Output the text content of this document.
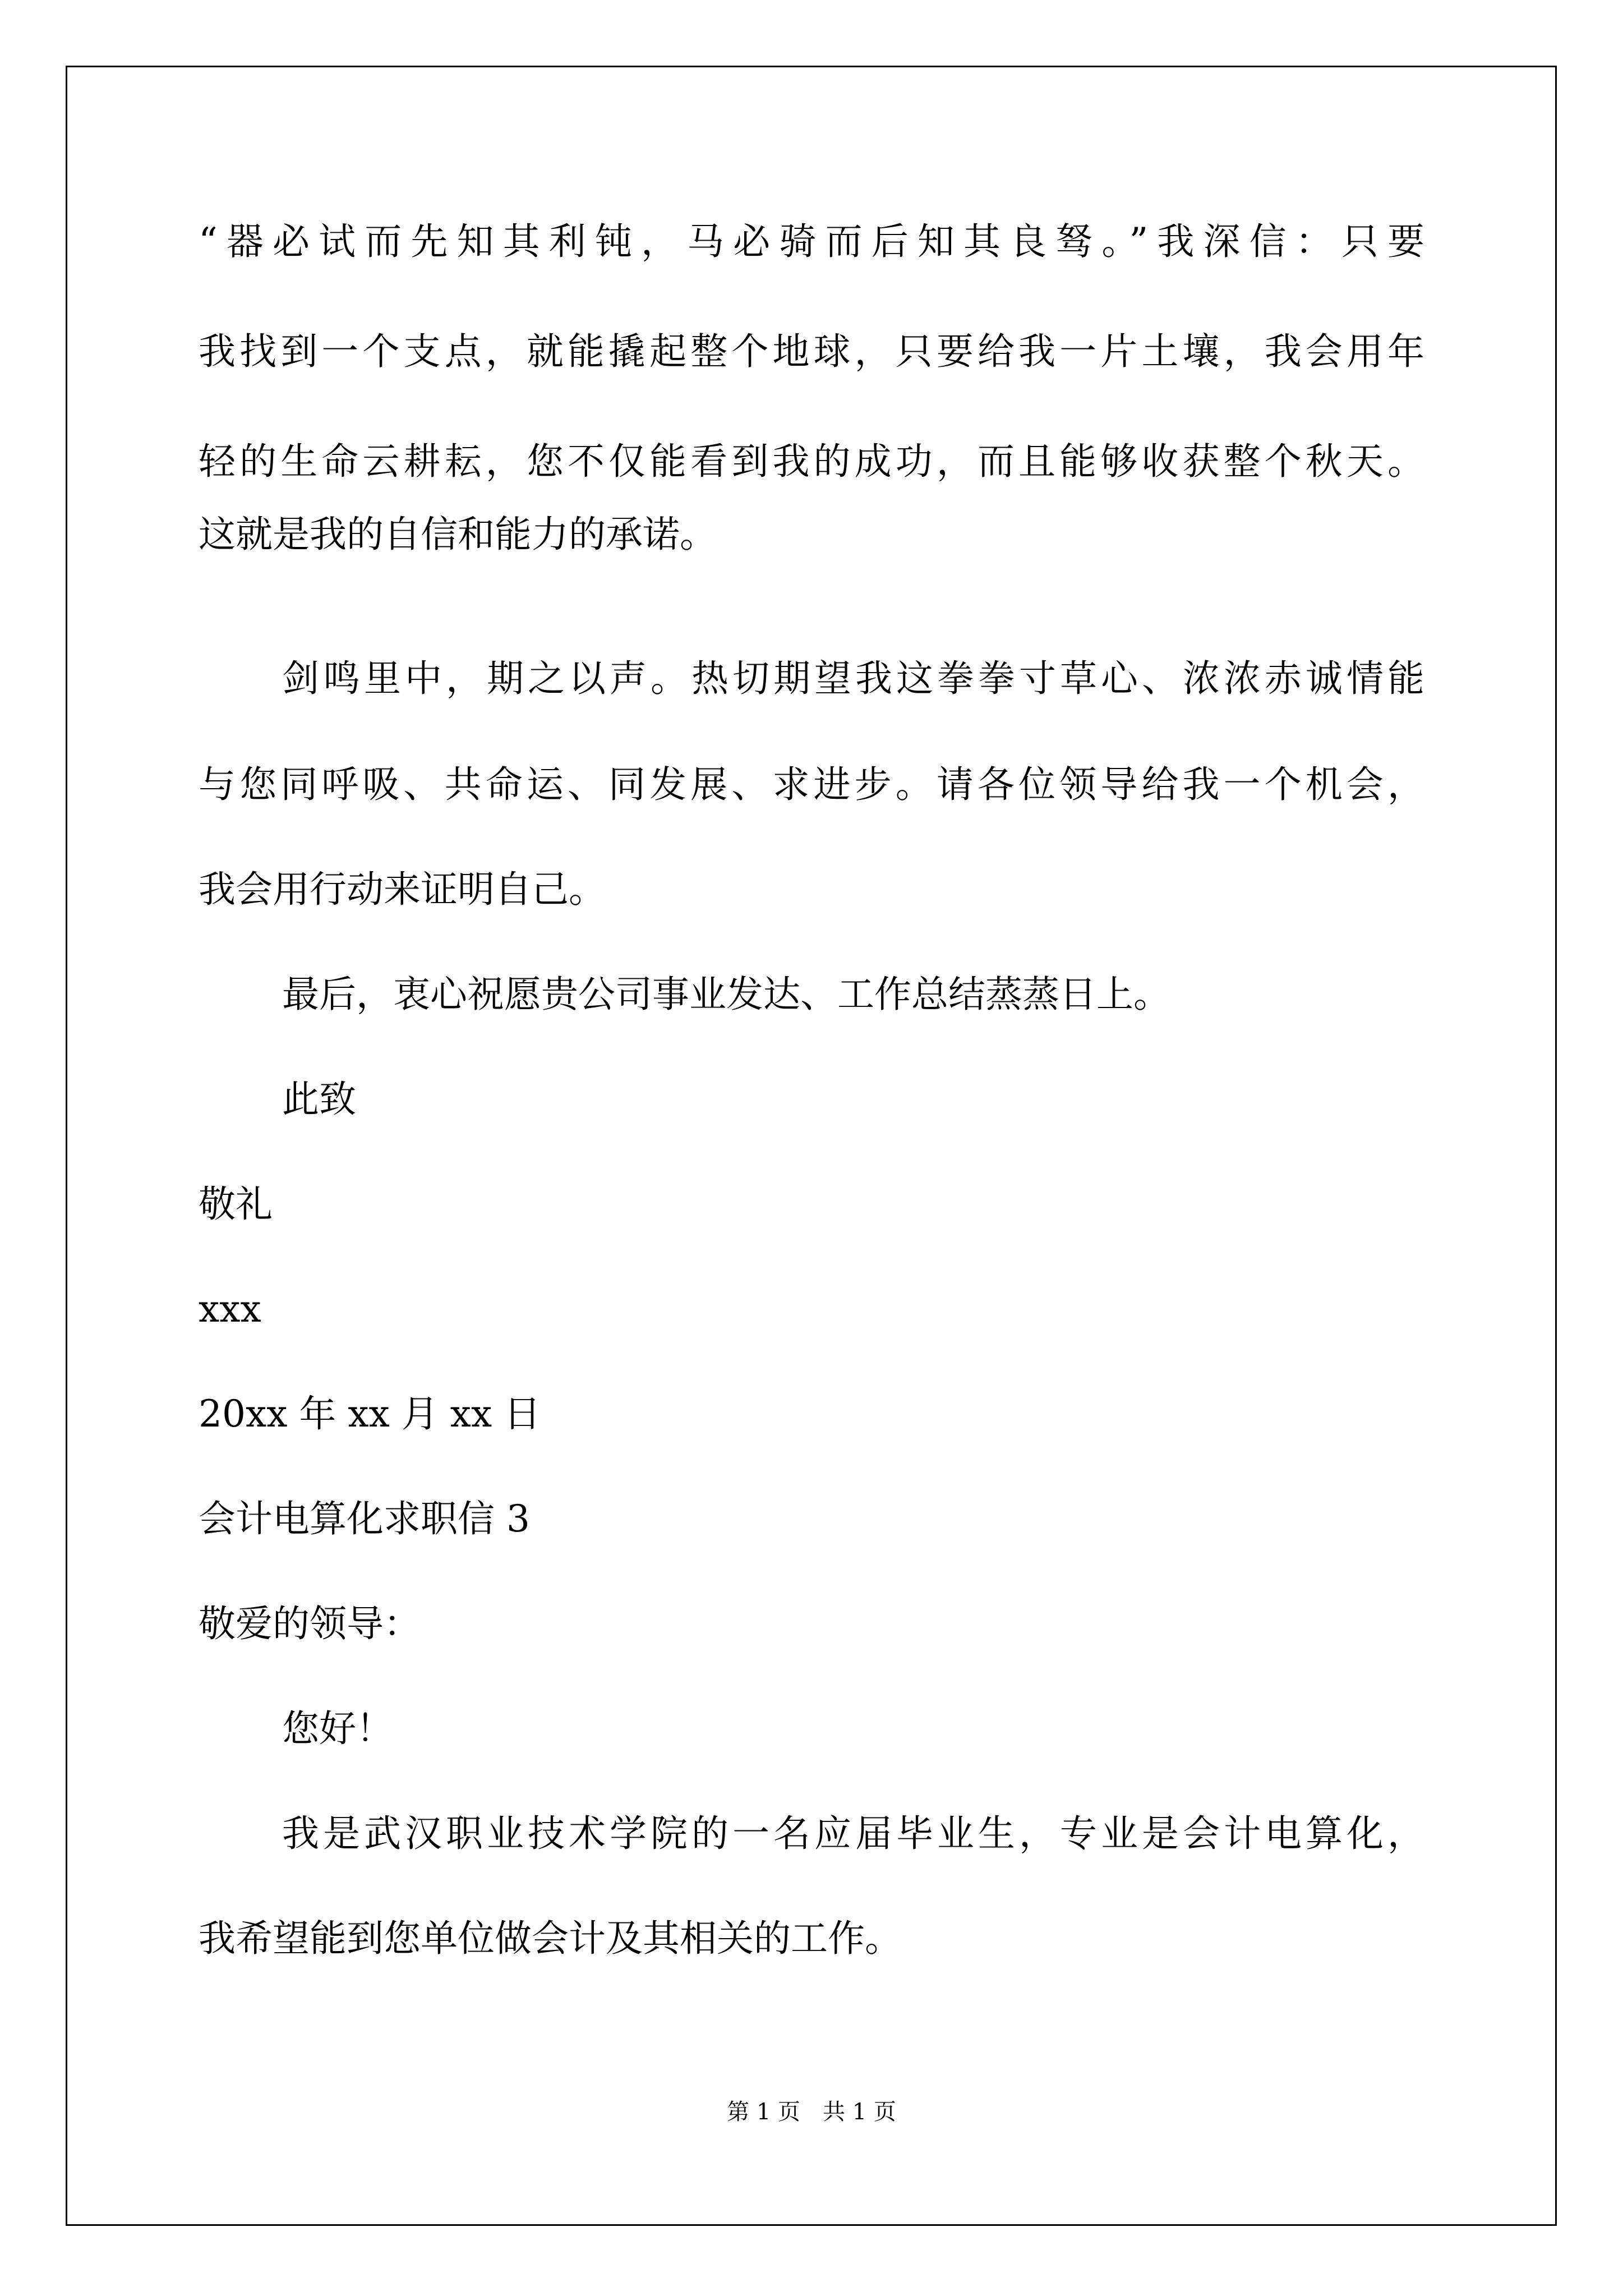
“器必试而先知其利钝，马必骑而后知其良驽。”我深信：只要
我找到一个支点，就能撬起整个地球，只要给我一片土壤，我会用年
轻的生命云耕耘，您不仅能看到我的成功，而且能够收获整个秋天。
这就是我的自信和能力的承诺。
剑鸣里中，期之以声。热切期望我这拳拳寸草心、浓浓赤诚情能
与您同呼吸、共命运、同发展、求进步。请各位领导给我一个机会，
我会用行动来证明自己。
最后，衷心祝愿贵公司事业发达、工作总结蒸蒸日上。
此致
敬礼
xxx
20xx 年 xx 月 xx 日
会计电算化求职信 3
敬爱的领导：
您好！
我是武汉职业技术学院的一名应届毕业生，专业是会计电算化，
我希望能到您单位做会计及其相关的工作。
第 1 页　共 1 页
